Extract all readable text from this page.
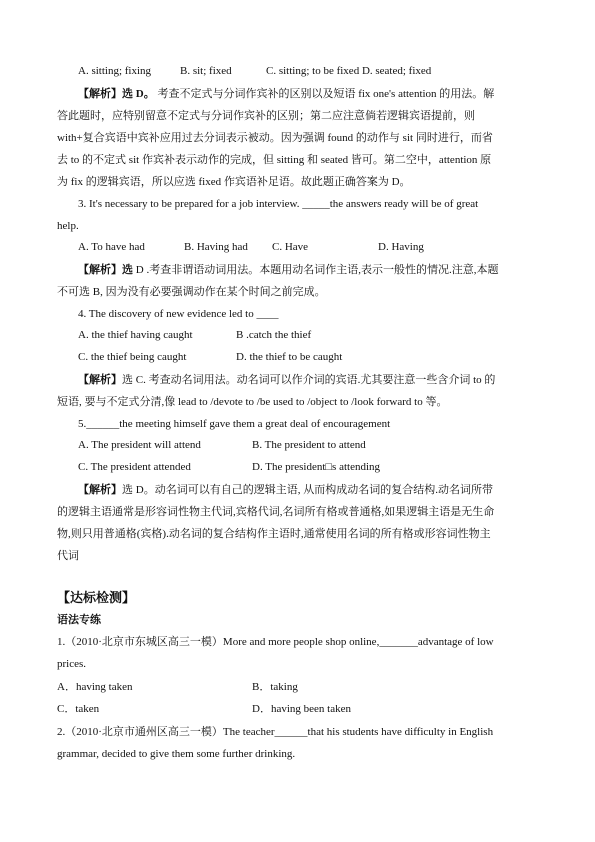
A. sitting; fixing	B. sit; fixed	C. sitting; to be fixed D. seated; fixed
【解析】选 D。 考查不定式与分词作宾补的区别以及短语 fix one's attention 的用法。解
答此题时，应特别留意不定式与分词作宾补的区别；第二应注意倘若逻辑宾语提前，则
with+复合宾语中宾补应用过去分词表示被动。因为强调 found 的动作与 sit 同时进行，而省
去 to 的不定式 sit 作宾补表示动作的完成，但 sitting 和 seated 皆可。第二空中，attention 原
为 fix 的逻辑宾语，所以应选 fixed 作宾语补足语。故此题正确答案为 D。
3. It's necessary to be prepared for a job interview. _____the answers ready will be of great
help.
A. To have had	B. Having had C. Have	D. Having
【解析】选 D .考查非谓语动词用法。本题用动名词作主语,表示一般性的情况.注意,本题
不可选 B, 因为没有必要强调动作在某个时间之前完成。
4. The discovery of new evidence led to ____
A. the thief having caught	B .catch the thief
C. the thief being caught	D. the thief to be caught
【解析】选 C. 考查动名词用法。动名词可以作介词的宾语.尤其要注意一些含介词 to 的
短语, 要与不定式分清,像 lead to /devote to /be used to /object to /look forward to 等。
5.______the meeting himself gave them a great deal of encouragement
A. The president will attend	B. The president to attend
C. The president attended	D. The president□s attending
【解析】选 D。动名词可以有自己的逻辑主语, 从而构成动名词的复合结构.动名词所带
的逻辑主语通常是形容词性物主代词,宾格代词,名词所有格或普通格,如果逻辑主语是无生命
物,则只用普通格(宾格).动名词的复合结构作主语时,通常使用名词的所有格或形容词性物主
代词
【达标检测】
语法专练
1.（2010·北京市东城区高三一模）More and more people shop online,_______advantage of low
prices.
A．having taken	B．taking
C．taken	D．having been taken
2.（2010·北京市通州区高三一模）The teacher______that his students have difficulty in English
grammar, decided to give them some further drinking.
